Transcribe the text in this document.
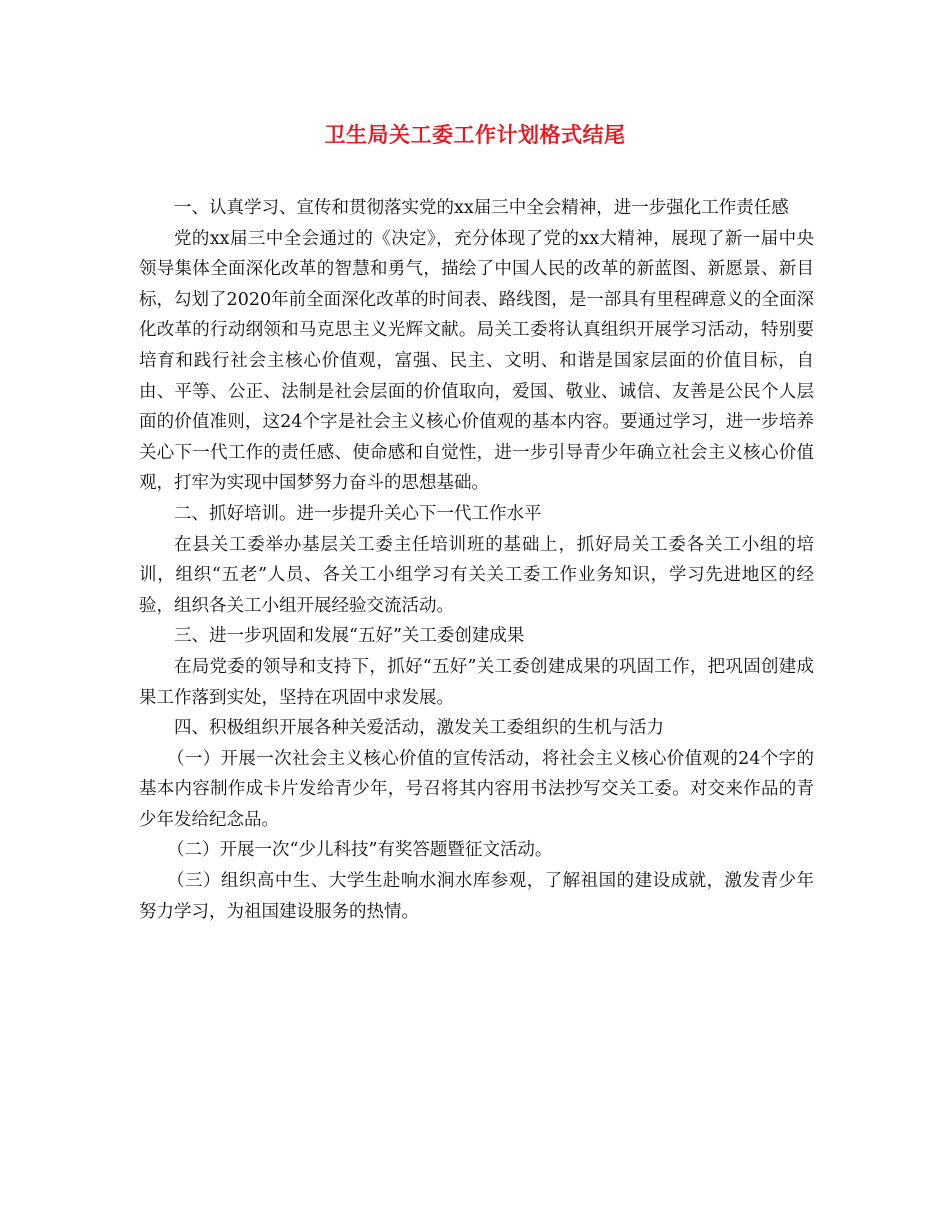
卫生局关工委工作计划格式结尾

一、认真学习、宣传和贯彻落实党的xx届三中全会精神，进一步强化工作责任感

党的xx届三中全会通过的《决定》，充分体现了党的xx大精神，展现了新一届中央领导集体全面深化改革的智慧和勇气，描绘了中国人民的改革的新蓝图、新愿景、新目标，勾划了2020年前全面深化改革的时间表、路线图，是一部具有里程碑意义的全面深化改革的行动纲领和马克思主义光辉文献。局关工委将认真组织开展学习活动，特别要培育和践行社会主核心价值观，富强、民主、文明、和谐是国家层面的价值目标，自由、平等、公正、法制是社会层面的价值取向，爱国、敬业、诚信、友善是公民个人层面的价值准则，这24个字是社会主义核心价值观的基本内容。要通过学习，进一步培养关心下一代工作的责任感、使命感和自觉性，进一步引导青少年确立社会主义核心价值观，打牢为实现中国梦努力奋斗的思想基础。

二、抓好培训。进一步提升关心下一代工作水平

在县关工委举办基层关工委主任培训班的基础上，抓好局关工委各关工小组的培训，组织“五老”人员、各关工小组学习有关关工委工作业务知识，学习先进地区的经验，组织各关工小组开展经验交流活动。

三、进一步巩固和发展“五好”关工委创建成果

在局党委的领导和支持下，抓好“五好”关工委创建成果的巩固工作，把巩固创建成果工作落到实处，坚持在巩固中求发展。

四、积极组织开展各种关爱活动，激发关工委组织的生机与活力

（一）开展一次社会主义核心价值的宣传活动，将社会主义核心价值观的24个字的基本内容制作成卡片发给青少年，号召将其内容用书法抄写交关工委。对交来作品的青少年发给纪念品。

（二）开展一次“少儿科技”有奖答题暨征文活动。

（三）组织高中生、大学生赴响水涧水库参观，了解祖国的建设成就，激发青少年努力学习，为祖国建设服务的热情。
